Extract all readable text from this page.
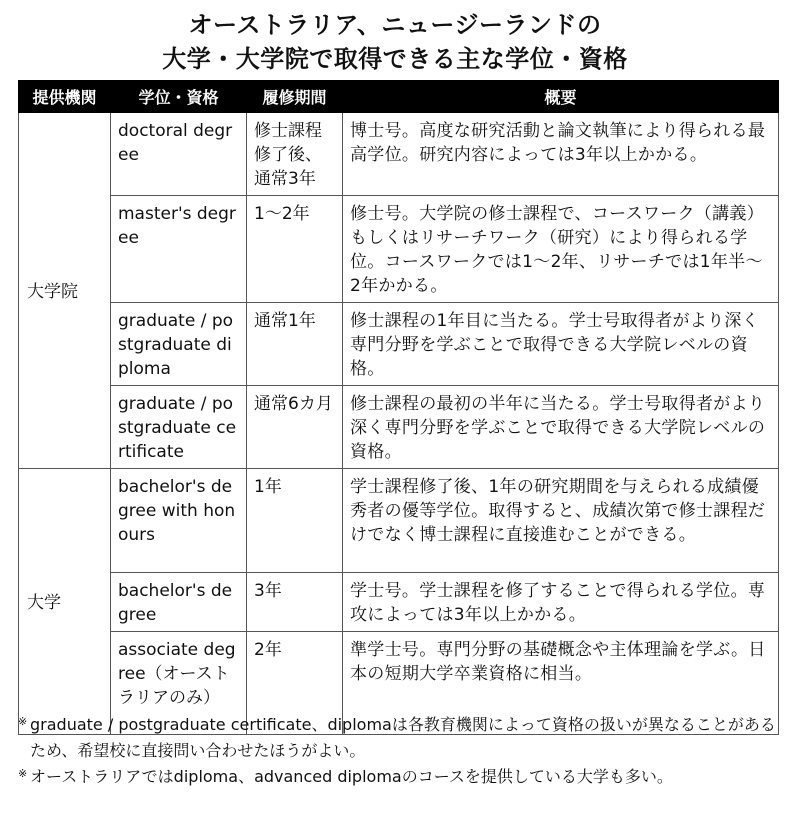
オーストラリア、ニュージーランドの
大学・大学院で取得できる主な学位・資格
提供機関	学位・資格	履修期間	概要
大学院	doctoral degree	修士課程修了後、通常3年	博士号。高度な研究活動と論文執筆により得られる最高学位。研究内容によっては3年以上かかる。
	master's degree	1〜2年	修士号。大学院の修士課程で、コースワーク（講義）もしくはリサーチワーク（研究）により得られる学位。コースワークでは1〜2年、リサーチでは1年半〜2年かかる。
	graduate / postgraduate diploma	通常1年	修士課程の1年目に当たる。学士号取得者がより深く専門分野を学ぶことで取得できる大学院レベルの資格。
	graduate / postgraduate certificate	通常6カ月	修士課程の最初の半年に当たる。学士号取得者がより深く専門分野を学ぶことで取得できる大学院レベルの資格。
大学	bachelor's degree with honours	1年	学士課程修了後、1年の研究期間を与えられる成績優秀者の優等学位。取得すると、成績次第で修士課程だけでなく博士課程に直接進むことができる。
	bachelor's degree	3年	学士号。学士課程を修了することで得られる学位。専攻によっては3年以上かかる。
	associate degree（オーストラリアのみ）	2年	準学士号。専門分野の基礎概念や主体理論を学ぶ。日本の短期大学卒業資格に相当。
※ graduate / postgraduate certificate、diplomaは各教育機関によって資格の扱いが異なることがあるため、希望校に直接問い合わせたほうがよい。
※ オーストラリアではdiploma、advanced diplomaのコースを提供している大学も多い。
